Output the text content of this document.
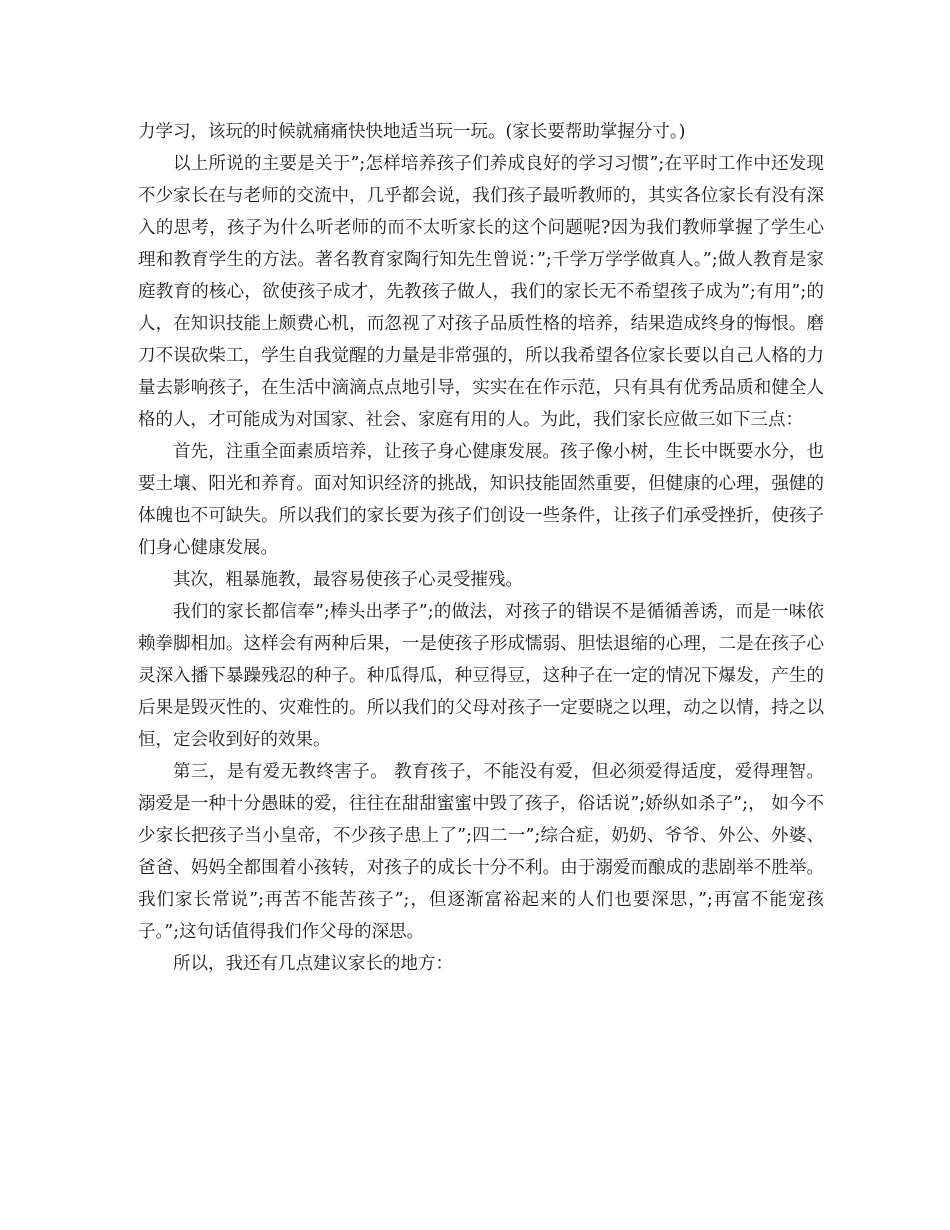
力学习，该玩的时候就痛痛快快地适当玩一玩。(家长要帮助掌握分寸。)

以上所说的主要是关于”;怎样培养孩子们养成良好的学习习惯”;在平时工作中还发现不少家长在与老师的交流中，几乎都会说，我们孩子最听教师的，其实各位家长有没有深入的思考，孩子为什么听老师的而不太听家长的这个问题呢?因为我们教师掌握了学生心理和教育学生的方法。著名教育家陶行知先生曾说：”;千学万学学做真人。”;做人教育是家庭教育的核心，欲使孩子成才，先教孩子做人，我们的家长无不希望孩子成为”;有用”;的人，在知识技能上颇费心机，而忽视了对孩子品质性格的培养，结果造成终身的悔恨。磨刀不误砍柴工，学生自我觉醒的力量是非常强的，所以我希望各位家长要以自己人格的力量去影响孩子，在生活中滴滴点点地引导，实实在在作示范，只有具有优秀品质和健全人格的人，才可能成为对国家、社会、家庭有用的人。为此，我们家长应做三如下三点：

首先，注重全面素质培养，让孩子身心健康发展。孩子像小树，生长中既要水分，也要土壤、阳光和养育。面对知识经济的挑战，知识技能固然重要，但健康的心理，强健的体魄也不可缺失。所以我们的家长要为孩子们创设一些条件，让孩子们承受挫折，使孩子们身心健康发展。

其次，粗暴施教，最容易使孩子心灵受摧残。

我们的家长都信奉”;棒头出孝子”;的做法，对孩子的错误不是循循善诱，而是一味依赖拳脚相加。这样会有两种后果，一是使孩子形成懦弱、胆怯退缩的心理，二是在孩子心灵深入播下暴躁残忍的种子。种瓜得瓜，种豆得豆，这种子在一定的情况下爆发，产生的后果是毁灭性的、灾难性的。所以我们的父母对孩子一定要晓之以理，动之以情，持之以恒，定会收到好的效果。

第三，是有爱无教终害子。 教育孩子，不能没有爱，但必须爱得适度，爱得理智。溺爱是一种十分愚昧的爱，往往在甜甜蜜蜜中毁了孩子，俗话说”;娇纵如杀子”;， 如今不少家长把孩子当小皇帝，不少孩子患上了”;四二一”;综合症，奶奶、爷爷、外公、外婆、爸爸、妈妈全都围着小孩转，对孩子的成长十分不利。由于溺爱而酿成的悲剧举不胜举。我们家长常说”;再苦不能苦孩子”;，但逐渐富裕起来的人们也要深思，”;再富不能宠孩子。”;这句话值得我们作父母的深思。

所以，我还有几点建议家长的地方：
